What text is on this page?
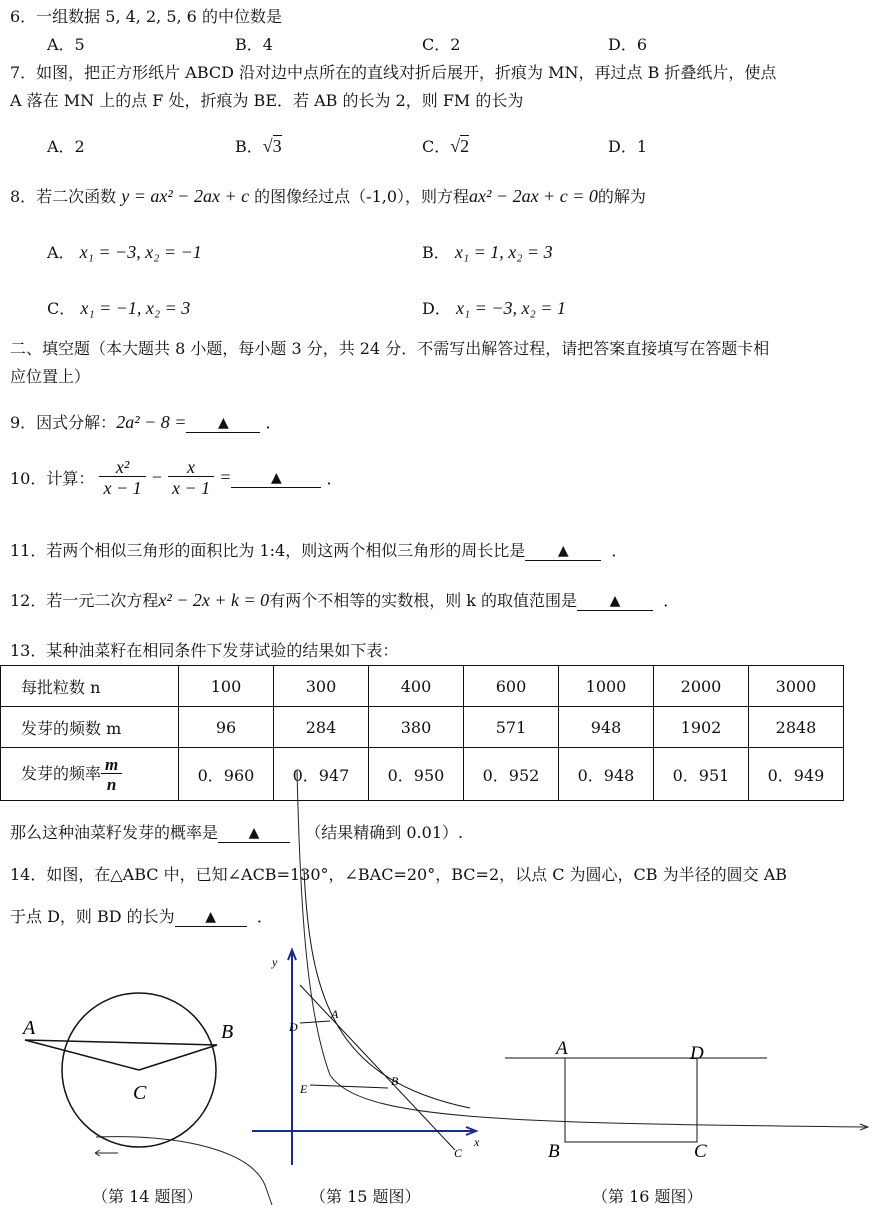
6．一组数据 5, 4, 2, 5, 6 的中位数是
A．5	B．4	C．2	D．6
7．如图，把正方形纸片 ABCD 沿对边中点所在的直线对折后展开，折痕为 MN，再过点 B 折叠纸片，使点
A 落在 MN 上的点 F 处，折痕为 BE．若 AB 的长为 2，则 FM 的长为
A．2	B．√3	C．√2	D．1
8．若二次函数 y = ax² − 2ax + c 的图像经过点（-1,0），则方程ax² − 2ax + c = 0的解为
A． x₁ = −3, x₂ = −1	B． x₁ = 1, x₂ = 3
C． x₁ = −1, x₂ = 3	D． x₁ = −3, x₂ = 1
二、填空题（本大题共 8 小题，每小题 3 分，共 24 分．不需写出解答过程，请把答案直接填写在答题卡相
应位置上）
9．因式分解：2a² − 8 = ▲ ．
10．计算： $\frac{\text{x²}}{x - 1} - \frac{x}{x - 1}$ =	▲	．
11．若两个相似三角形的面积比为 1:4，则这两个相似三角形的周长比是 ▲	．
12．若一元二次方程x² − 2x + k = 0有两个不相等的实数根，则 k 的取值范围是 ▲	．
13．某种油菜籽在相同条件下发芽试验的结果如下表：
每批粒数 n	100	300	400	600	1000	2000	3000
发芽的频数 m	96	284	380	571	948	1902	2848
发芽的频率 $\frac{m}{n}$	0．960	0．947	0．950	0．952	0．948	0．951	0．949
那么这种油菜籽发芽的概率是 ▲	（结果精确到 0.01）.
14．如图，在△ABC 中，已知∠ACB=130°，∠BAC=20°，BC=2，以点 C 为圆心，CB 为半径的圆交 AB
于点 D，则 BD 的长为 ▲	．
A	B
C
y
x
D
A
E
B
C
A	D
B	C
（第 14 题图）	（第 15 题图）	（第 16 题图）
